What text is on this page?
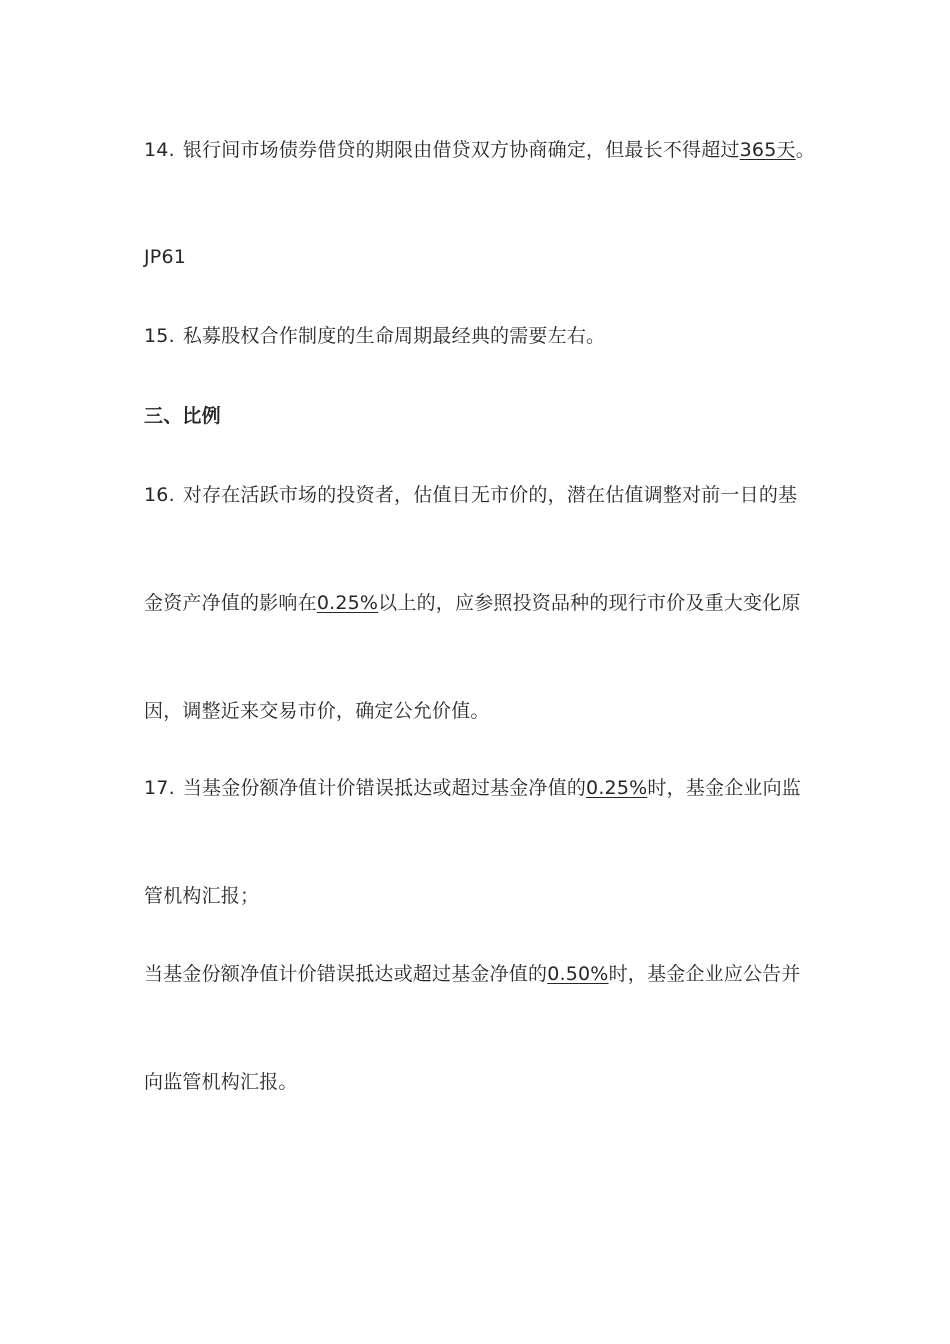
14. 银行间市场债券借贷的期限由借贷双方协商确定，但最长不得超过365天。
JP61
15. 私募股权合作制度的生命周期最经典的需要左右。
三、比例
16. 对存在活跃市场的投资者，估值日无市价的，潜在估值调整对前一日的基
金资产净值的影响在0.25%以上的，应参照投资品种的现行市价及重大变化原
因，调整近来交易市价，确定公允价值。
17. 当基金份额净值计价错误抵达或超过基金净值的0.25%时，基金企业向监
管机构汇报；
当基金份额净值计价错误抵达或超过基金净值的0.50%时，基金企业应公告并
向监管机构汇报。
